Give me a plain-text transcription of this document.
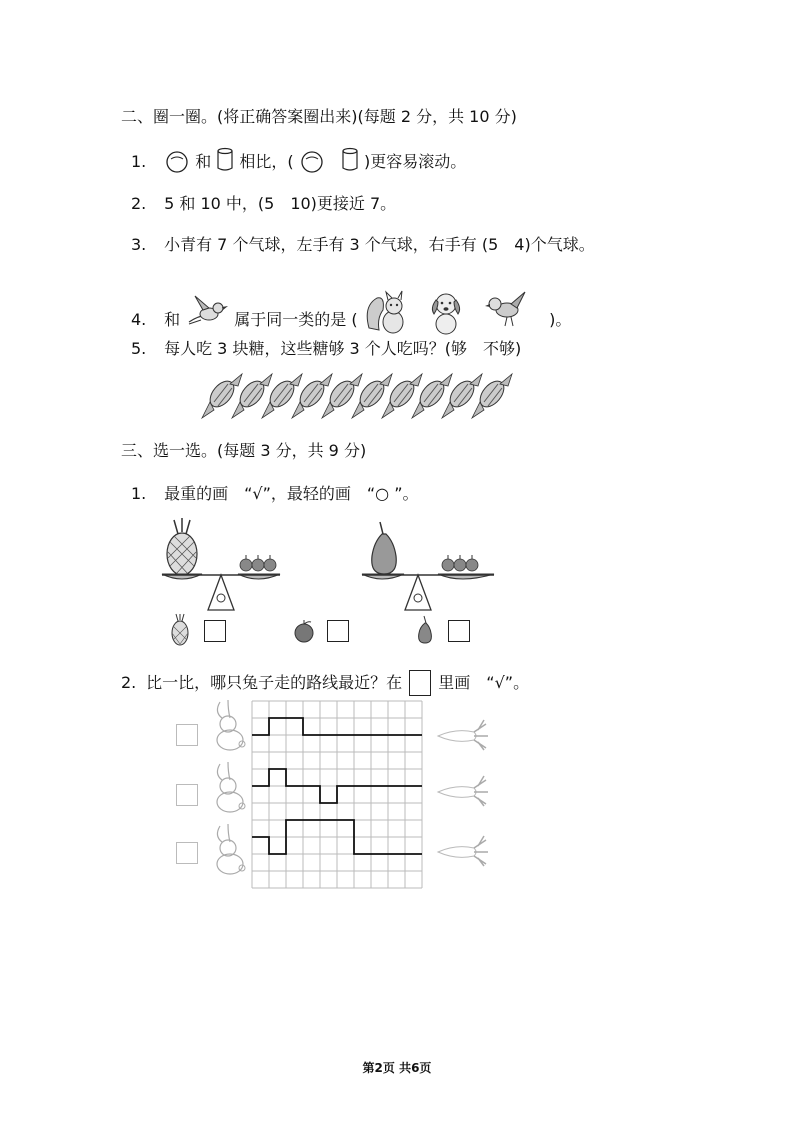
二、圈一圈。(将正确答案圈出来)(每题 2 分，共 10 分)
1.	和 相比，(
	)更容易滚动。
2. 5 和 10 中，(5　10)更接近 7。
3. 小青有 7 个气球，左手有 3 个气球，右手有 (5　4)个气球。
4. 和	属于同一类的是 (

	)。
5. 每人吃 3 块糖，这些糖够 3 个人吃吗？(够　不够)
三、选一选。(每题 3 分，共 9 分)
1. 最重的画　“√”，最轻的画　“○ ”。
2. 比一比，哪只兔子走的路线最近？在 里画　“√”。
第2页 共6页
